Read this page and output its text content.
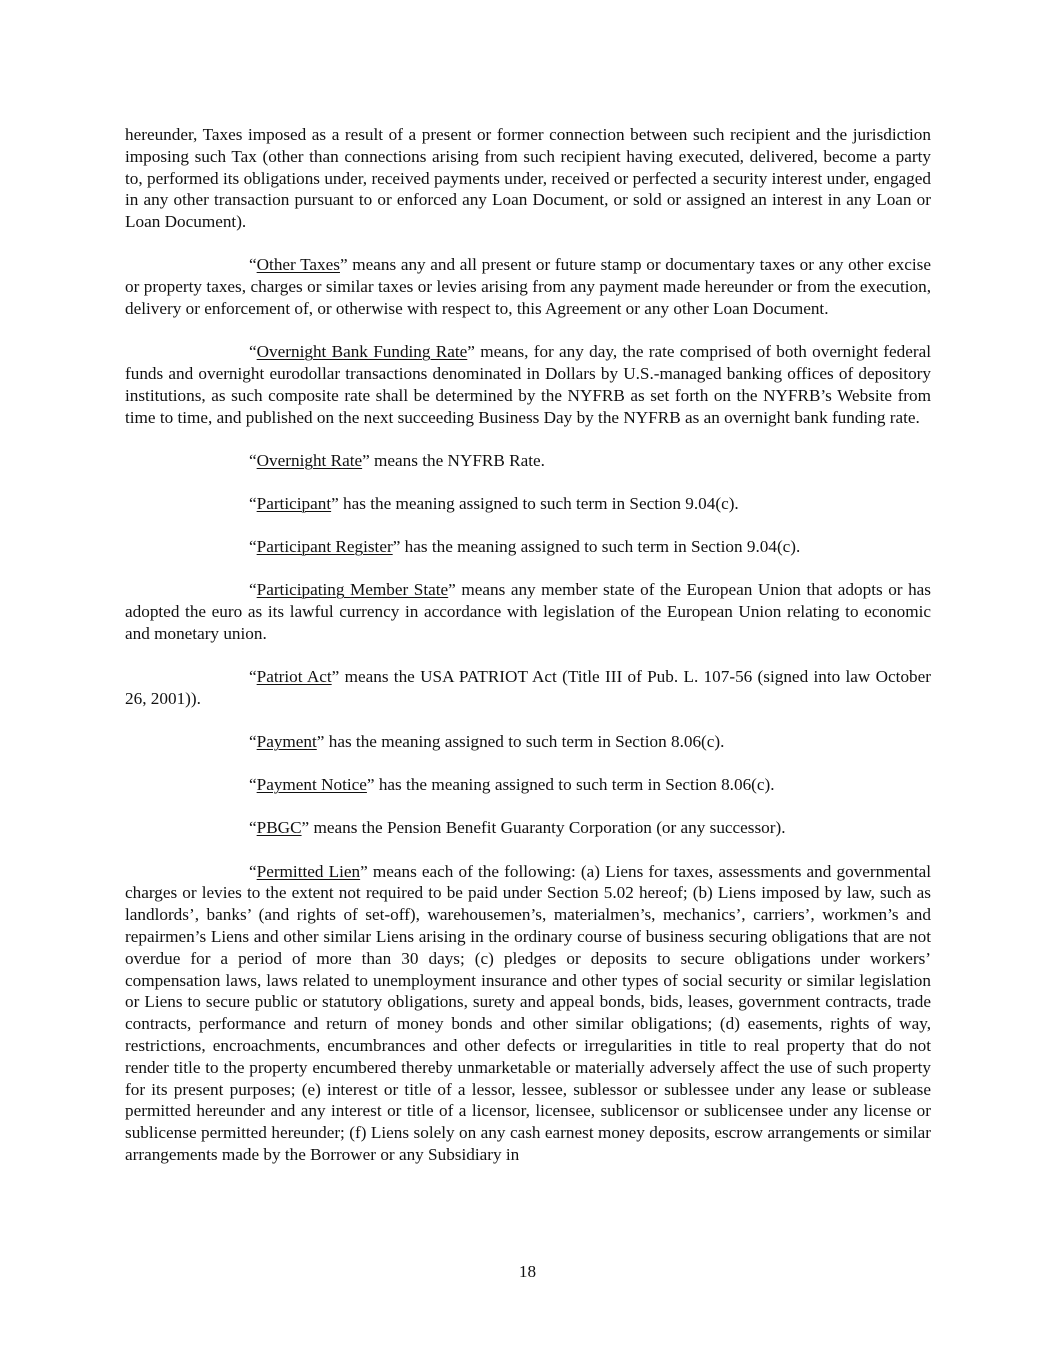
hereunder, Taxes imposed as a result of a present or former connection between such recipient and the jurisdiction imposing such Tax (other than connections arising from such recipient having executed, delivered, become a party to, performed its obligations under, received payments under, received or perfected a security interest under, engaged in any other transaction pursuant to or enforced any Loan Document, or sold or assigned an interest in any Loan or Loan Document).

“Other Taxes” means any and all present or future stamp or documentary taxes or any other excise or property taxes, charges or similar taxes or levies arising from any payment made hereunder or from the execution, delivery or enforcement of, or otherwise with respect to, this Agreement or any other Loan Document.

“Overnight Bank Funding Rate” means, for any day, the rate comprised of both overnight federal funds and overnight eurodollar transactions denominated in Dollars by U.S.-managed banking offices of depository institutions, as such composite rate shall be determined by the NYFRB as set forth on the NYFRB’s Website from time to time, and published on the next succeeding Business Day by the NYFRB as an overnight bank funding rate.

“Overnight Rate” means the NYFRB Rate.

“Participant” has the meaning assigned to such term in Section 9.04(c).

“Participant Register” has the meaning assigned to such term in Section 9.04(c).

“Participating Member State” means any member state of the European Union that adopts or has adopted the euro as its lawful currency in accordance with legislation of the European Union relating to economic and monetary union.

“Patriot Act” means the USA PATRIOT Act (Title III of Pub. L. 107-56 (signed into law October 26, 2001)).

“Payment” has the meaning assigned to such term in Section 8.06(c).

“Payment Notice” has the meaning assigned to such term in Section 8.06(c).

“PBGC” means the Pension Benefit Guaranty Corporation (or any successor).

“Permitted Lien” means each of the following: (a) Liens for taxes, assessments and governmental charges or levies to the extent not required to be paid under Section 5.02 hereof; (b) Liens imposed by law, such as landlords’, banks’ (and rights of set-off), warehousemen’s, materialmen’s, mechanics’, carriers’, workmen’s and repairmen’s Liens and other similar Liens arising in the ordinary course of business securing obligations that are not overdue for a period of more than 30 days; (c) pledges or deposits to secure obligations under workers’ compensation laws, laws related to unemployment insurance and other types of social security or similar legislation or Liens to secure public or statutory obligations, surety and appeal bonds, bids, leases, government contracts, trade contracts, performance and return of money bonds and other similar obligations; (d) easements, rights of way, restrictions, encroachments, encumbrances and other defects or irregularities in title to real property that do not render title to the property encumbered thereby unmarketable or materially adversely affect the use of such property for its present purposes; (e) interest or title of a lessor, lessee, sublessor or sublessee under any lease or sublease permitted hereunder and any interest or title of a licensor, licensee, sublicensor or sublicensee under any license or sublicense permitted hereunder; (f) Liens solely on any cash earnest money deposits, escrow arrangements or similar arrangements made by the Borrower or any Subsidiary in

18
